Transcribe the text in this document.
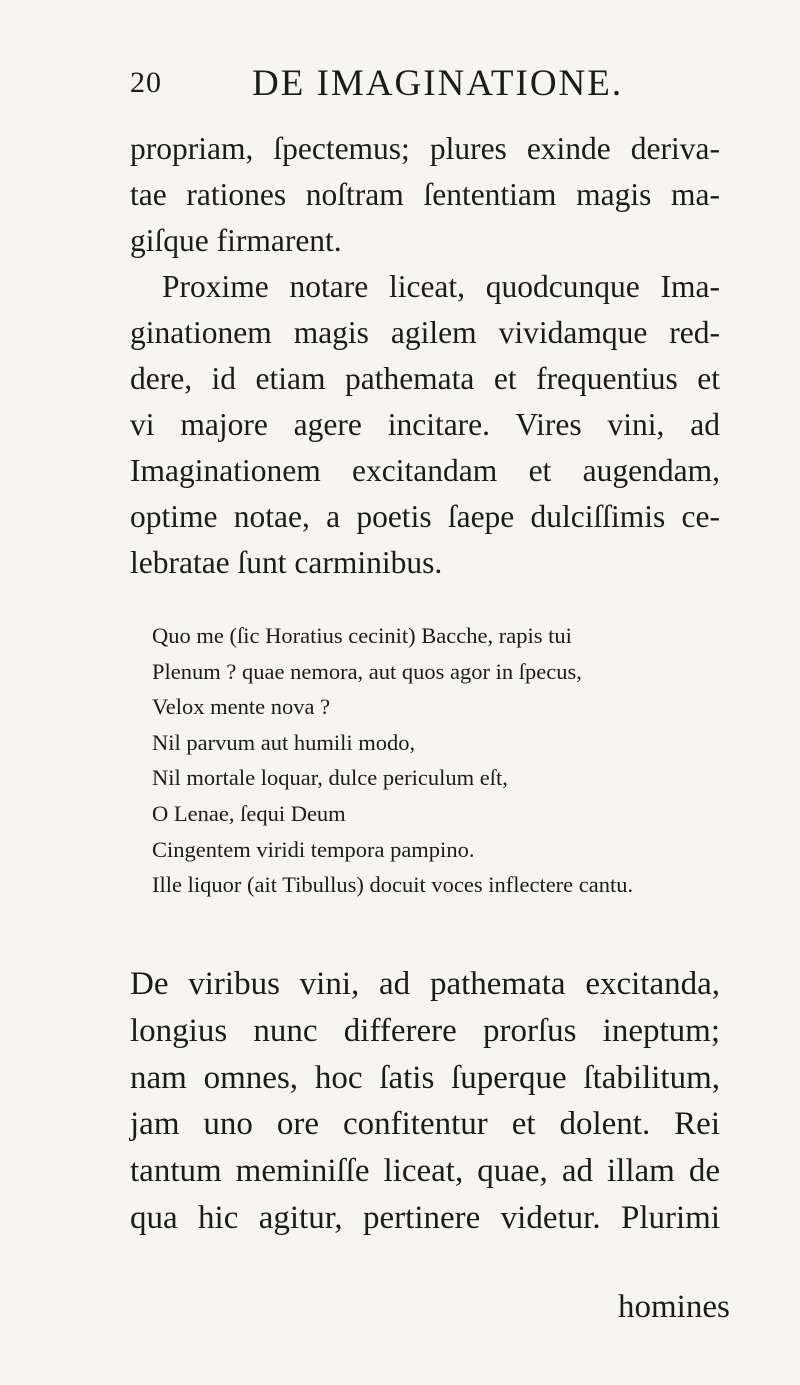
20 DE IMAGINATIONE.
propriam, ſpectemus; plures exinde deriva-
tae rationes noſtram ſententiam magis ma-
giſque firmarent.
Proxime notare liceat, quodcunque Ima-
ginationem magis agilem vividamque red-
dere, id etiam pathemata et frequentius et
vi majore agere incitare. Vires vini, ad
Imaginationem excitandam et augendam,
optime notae, a poetis ſaepe dulciſſimis ce-
lebratae ſunt carminibus.
Quo me (ſic Horatius cecinit) Bacche, rapis tui
Plenum ? quae nemora, aut quos agor in ſpecus,
Velox mente nova ?
Nil parvum aut humili modo,
Nil mortale loquar, dulce periculum eſt,
O Lenae, ſequi Deum
Cingentem viridi tempora pampino.
Ille liquor (ait Tibullus) docuit voces inflectere cantu.
De viribus vini, ad pathemata excitanda,
longius nunc differere prorſus ineptum;
nam omnes, hoc ſatis ſuperque ſtabilitum,
jam uno ore confitentur et dolent. Rei
tantum meminiſſe liceat, quae, ad illam de
qua hic agitur, pertinere videtur. Plurimi
homines
